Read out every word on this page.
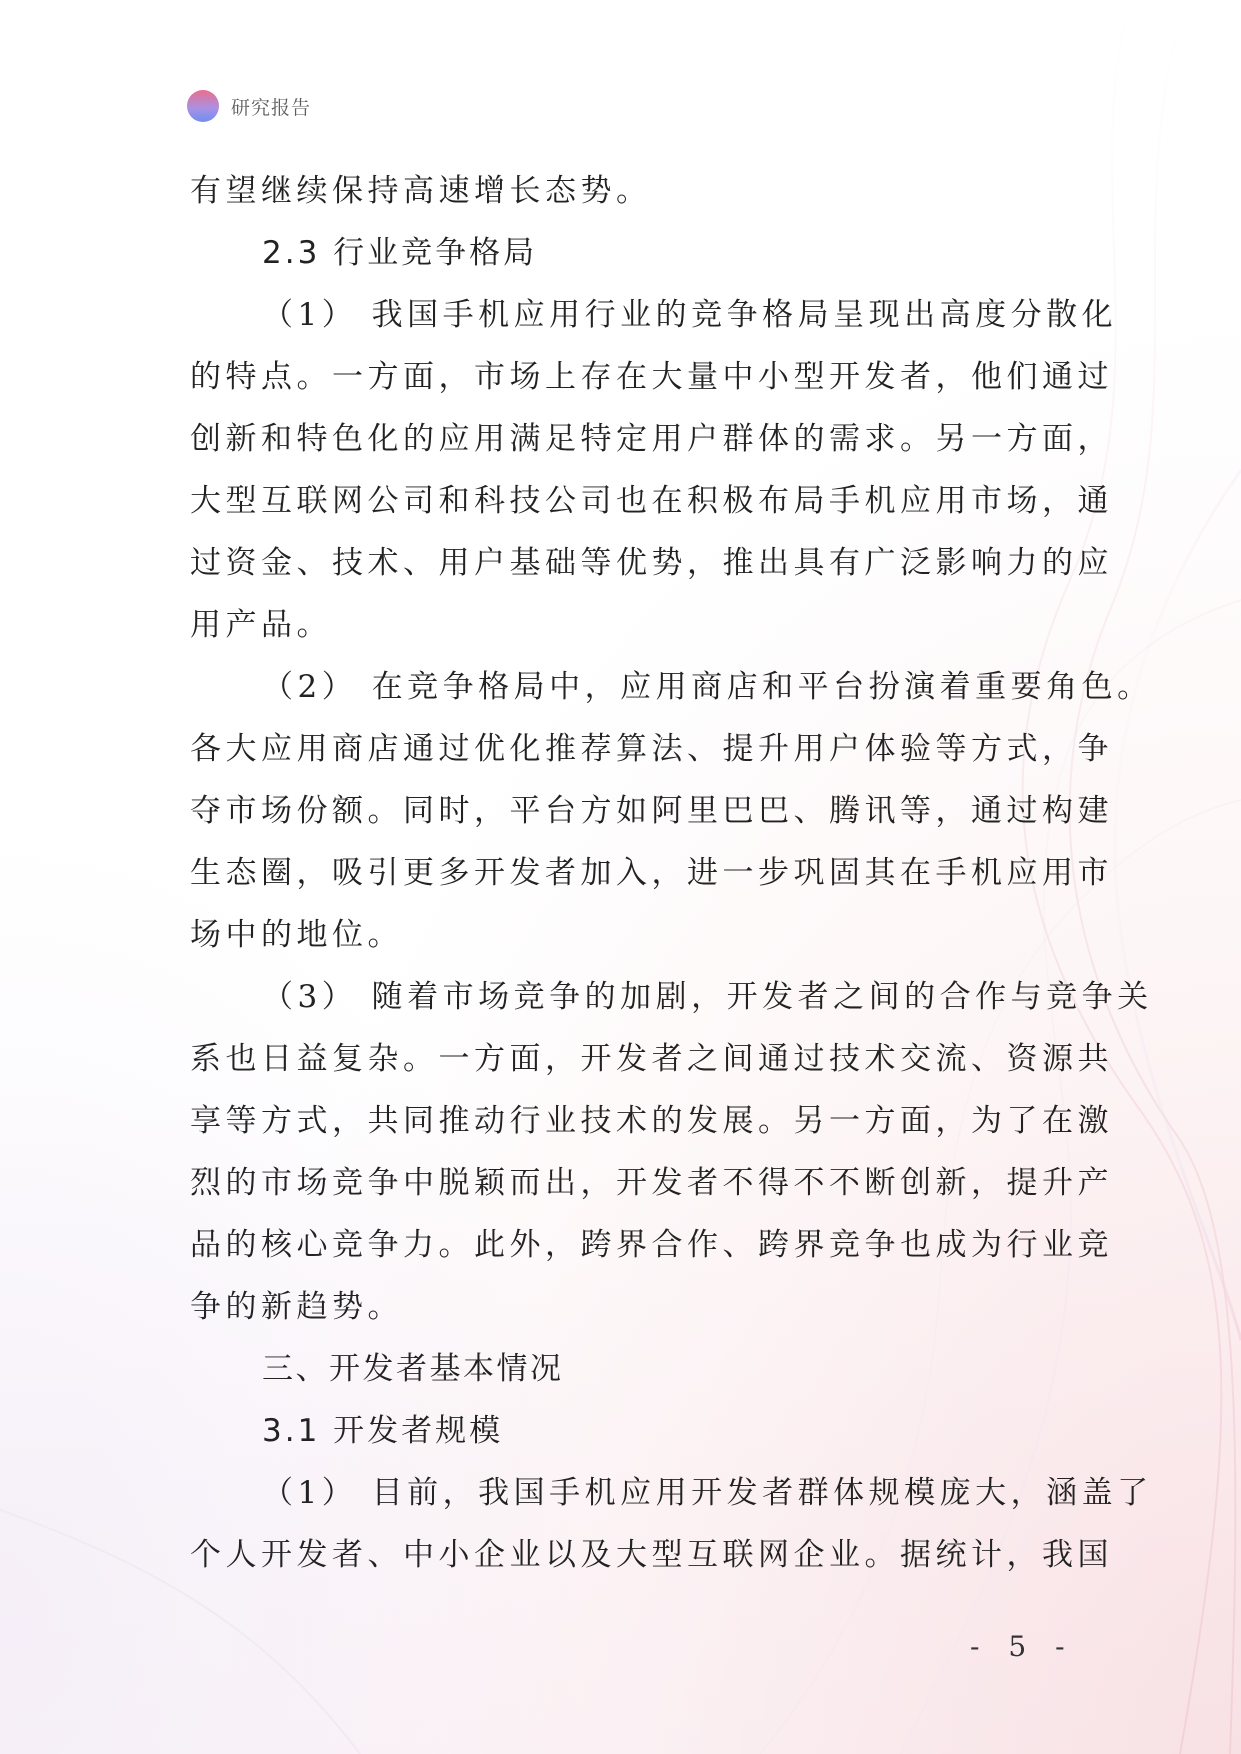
研究报告
有望继续保持高速增长态势。
2.3 行业竞争格局
（1） 我国手机应用行业的竞争格局呈现出高度分散化
的特点。一方面，市场上存在大量中小型开发者，他们通过
创新和特色化的应用满足特定用户群体的需求。另一方面，
大型互联网公司和科技公司也在积极布局手机应用市场，通
过资金、技术、用户基础等优势，推出具有广泛影响力的应
用产品。
（2） 在竞争格局中，应用商店和平台扮演着重要角色。
各大应用商店通过优化推荐算法、提升用户体验等方式，争
夺市场份额。同时，平台方如阿里巴巴、腾讯等，通过构建
生态圈，吸引更多开发者加入，进一步巩固其在手机应用市
场中的地位。
（3） 随着市场竞争的加剧，开发者之间的合作与竞争关
系也日益复杂。一方面，开发者之间通过技术交流、资源共
享等方式，共同推动行业技术的发展。另一方面，为了在激
烈的市场竞争中脱颖而出，开发者不得不不断创新，提升产
品的核心竞争力。此外，跨界合作、跨界竞争也成为行业竞
争的新趋势。
三、开发者基本情况
3.1 开发者规模
（1） 目前，我国手机应用开发者群体规模庞大，涵盖了
个人开发者、中小企业以及大型互联网企业。据统计，我国
- 5 -
